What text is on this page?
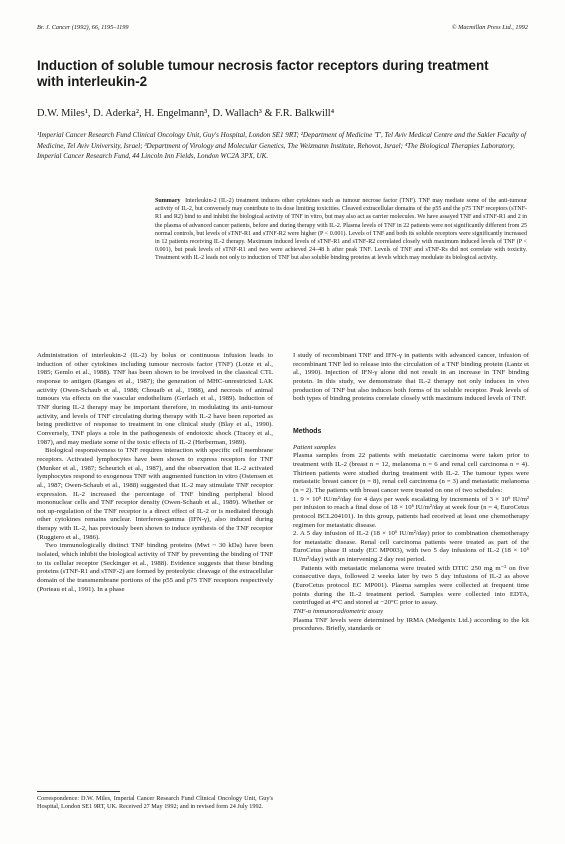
Br. J. Cancer (1992), 66, 1195–1199	© Macmillan Press Ltd., 1992
Induction of soluble tumour necrosis factor receptors during treatment with interleukin-2
D.W. Miles¹, D. Aderka², H. Engelmann³, D. Wallach³ & F.R. Balkwill⁴
¹Imperial Cancer Research Fund Clinical Oncology Unit, Guy's Hospital, London SE1 9RT; ²Department of Medicine 'T', Tel Aviv Medical Centre and the Sakler Faculty of Medicine, Tel Aviv University, Israel; ³Department of Virology and Molecular Genetics, The Weizmann Institute, Rehovot, Israel; ⁴The Biological Therapies Laboratory, Imperial Cancer Research Fund, 44 Lincoln Inn Fields, London WC2A 3PX, UK.
Summary Interleukin-2 (IL-2) treatment induces other cytokines such as tumour necrose factor (TNF). TNF may mediate some of the anti-tumour activity of IL-2, but conversely may contribute to its dose limiting toxicities. Cleaved extracellular domains of the p55 and the p75 TNF receptors (sTNF-R1 and R2) bind to and inhibit the biological activity of TNF in vitro, but may also act as carrier molecules. We have assayed TNF and sTNF-R1 and 2 in the plasma of advanced cancer patients, before and during therapy with IL-2. Plasma levels of TNF in 22 patients were not significantly different from 25 normal controls, but levels of sTNF-R1 and sTNF-R2 were higher (P < 0.001). Levels of TNF and both its soluble receptors were significantly increased in 12 patients receiving IL-2 therapy. Maximum induced levels of sTNF-R1 and sTNF-R2 correlated closely with maximum induced levels of TNF (P < 0.001), but peak levels of sTNF-R1 and two were achieved 24–48 h after peak TNF. Levels of TNF and sTNF-Rs did not correlate with toxicity. Treatment with IL-2 leads not only to induction of TNF but also soluble binding proteins at levels which may modulate its biological activity.

Administration of interleukin-2 (IL-2) by bolus or continuous infusion leads to induction of other cytokines including tumour necrosis factor (TNF) (Lotze et al., 1985; Gemlo et al., 1988). TNF has been shown to be involved in the classical CTL response to antigen (Ranges et al., 1987); the generation of MHC-unrestricted LAK activity (Owen-Schaub et al., 1988; Chouaib et al., 1988), and necrosis of animal tumours via effects on the vascular endothelium (Gerlach et al., 1989). Induction of TNF during IL-2 therapy may be important therefore, in modulating its anti-tumour activity, and levels of TNF circulating during therapy with IL-2 have been reported as being predictive of response to treatment in one clinical study (Blay et al., 1990). Conversely, TNF plays a role in the pathogenesis of endotoxic shock (Tracey et al., 1987), and may mediate some of the toxic effects of IL-2 (Herberman, 1989).

Biological responsiveness to TNF requires interaction with specific cell membrane receptors. Activated lymphocytes have been shown to express receptors for TNF (Munker et al., 1987; Scheurich et al., 1987), and the observation that IL-2 activated lymphocytes respond to exogenous TNF with augmented function in vitro (Ostensen et al., 1987; Owen-Schaub et al., 1988) suggested that IL-2 may stimulate TNF receptor expression. IL-2 increased the percentage of TNF binding peripheral blood mononuclear cells and TNF receptor density (Owen-Schaub et al., 1989). Whether or not up-regulation of the TNF receptor is a direct effect of IL-2 or is mediated through other cytokines remains unclear. Interferon-gamma (IFN-γ), also induced during therapy with IL-2, has previously been shown to induce synthesis of the TNF receptor (Ruggiero et al., 1986).

Two immunologically distinct TNF binding proteins (Mwt ~ 30 kDa) have been isolated, which inhibit the biological activity of TNF by preventing the binding of TNF to its cellular receptor (Seckinger et al., 1988). Evidence suggests that these binding proteins (sTNF-R1 and sTNF-2) are formed by proteolytic cleavage of the extracellular domain of the transmembrane portions of the p55 and p75 TNF receptors respectively (Porteau et al., 1991). In a phase

I study of recombinant TNF and IFN-γ in patients with advanced cancer, infusion of recombinant TNF led to release into the circulation of a TNF binding protein (Lantz et al., 1990). Injection of IFN-γ alone did not result in an increase in TNF binding protein. In this study, we demonstrate that IL-2 therapy not only induces in vivo production of TNF but also induces both forms of its soluble receptor. Peak levels of both types of binding proteins correlate closely with maximum induced levels of TNF.

Methods

Patient samples

Plasma samples from 22 patients with metastatic carcinoma were taken prior to treatment with IL-2 (breast n = 12, melanoma n = 6 and renal cell carcinoma n = 4). Thirteen patients were studied during treatment with IL-2. The tumour types were metastatic breast cancer (n = 8), renal cell carcinoma (n = 3) and metastatic melanoma (n = 2). The patients with breast cancer were treated on one of two schedules:

1. 9 × 10⁶ IU/m²/day for 4 days per week escalating by increments of 3 × 10⁶ IU/m² per infusion to reach a final dose of 18 × 10⁶ IU/m²/day at week four (n = 4, EuroCetus protocol BCL204101). In this group, patients had received at least one chemotherapy regimen for metastatic disease.

2. A 5 day infusion of IL-2 (18 × 10⁶ IU/m²/day) prior to combination chemotherapy for metastatic disease. Renal cell carcinoma patients were treated as part of the EuroCetus phase II study (EC MP003), with two 5 day infusions of IL-2 (18 × 10⁶ IU/m²/day) with an intervening 2 day rest period.

Patients with metastatic melanoma were treated with DTIC 250 mg m⁻² on five consecutive days, followed 2 weeks later by two 5 day infusions of IL-2 as above (EuroCetus protocol EC MP001). Plasma samples were collected at frequent time points during the IL-2 treatment period. Samples were collected into EDTA, centrifuged at 4°C and stored at −20°C prior to assay.

TNF-α immunoradiometric assay

Plasma TNF levels were determined by IRMA (Medgenix Ltd.) according to the kit procedures. Briefly, standards or

Correspondence: D.W. Miles, Imperial Cancer Research Fund Clinical Oncology Unit, Guy's Hospital, London SE1 9RT, UK. Received 27 May 1992; and in revised form 24 July 1992.
